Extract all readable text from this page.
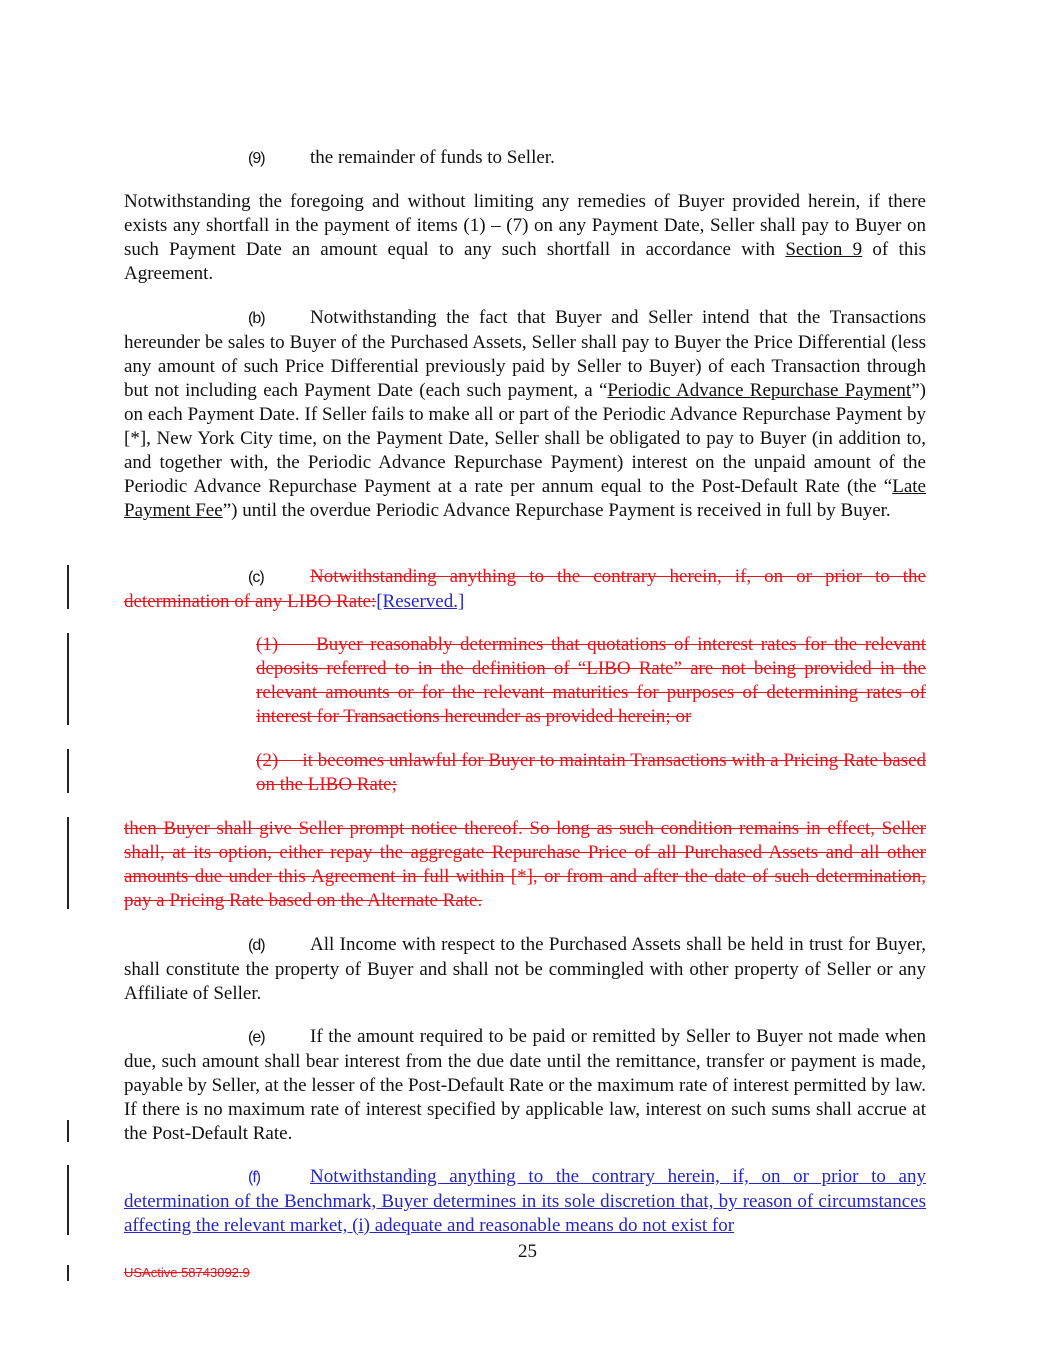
(9) the remainder of funds to Seller.
Notwithstanding the foregoing and without limiting any remedies of Buyer provided herein, if there exists any shortfall in the payment of items (1) – (7) on any Payment Date, Seller shall pay to Buyer on such Payment Date an amount equal to any such shortfall in accordance with Section 9 of this Agreement.
(b) Notwithstanding the fact that Buyer and Seller intend that the Transactions hereunder be sales to Buyer of the Purchased Assets, Seller shall pay to Buyer the Price Differential (less any amount of such Price Differential previously paid by Seller to Buyer) of each Transaction through but not including each Payment Date (each such payment, a “Periodic Advance Repurchase Payment”) on each Payment Date. If Seller fails to make all or part of the Periodic Advance Repurchase Payment by [*], New York City time, on the Payment Date, Seller shall be obligated to pay to Buyer (in addition to, and together with, the Periodic Advance Repurchase Payment) interest on the unpaid amount of the Periodic Advance Repurchase Payment at a rate per annum equal to the Post-Default Rate (the “Late Payment Fee”) until the overdue Periodic Advance Repurchase Payment is received in full by Buyer.
(c) Notwithstanding anything to the contrary herein, if, on or prior to the determination of any LIBO Rate:[Reserved.]
(1)     Buyer reasonably determines that quotations of interest rates for the relevant deposits referred to in the definition of “LIBO Rate” are not being provided in the relevant amounts or for the relevant maturities for purposes of determining rates of interest for Transactions hereunder as provided herein; or
(2)     it becomes unlawful for Buyer to maintain Transactions with a Pricing Rate based on the LIBO Rate;
then Buyer shall give Seller prompt notice thereof. So long as such condition remains in effect, Seller shall, at its option, either repay the aggregate Repurchase Price of all Purchased Assets and all other amounts due under this Agreement in full within [*], or from and after the date of such determination, pay a Pricing Rate based on the Alternate Rate.
(d) All Income with respect to the Purchased Assets shall be held in trust for Buyer, shall constitute the property of Buyer and shall not be commingled with other property of Seller or any Affiliate of Seller.
(e) If the amount required to be paid or remitted by Seller to Buyer not made when due, such amount shall bear interest from the due date until the remittance, transfer or payment is made, payable by Seller, at the lesser of the Post-Default Rate or the maximum rate of interest permitted by law. If there is no maximum rate of interest specified by applicable law, interest on such sums shall accrue at the Post-Default Rate.
(f)	Notwithstanding anything to the contrary herein, if, on or prior to any determination of the Benchmark, Buyer determines in its sole discretion that, by reason of circumstances affecting the relevant market, (i) adequate and reasonable means do not exist for
25
USActive 58743092.9
